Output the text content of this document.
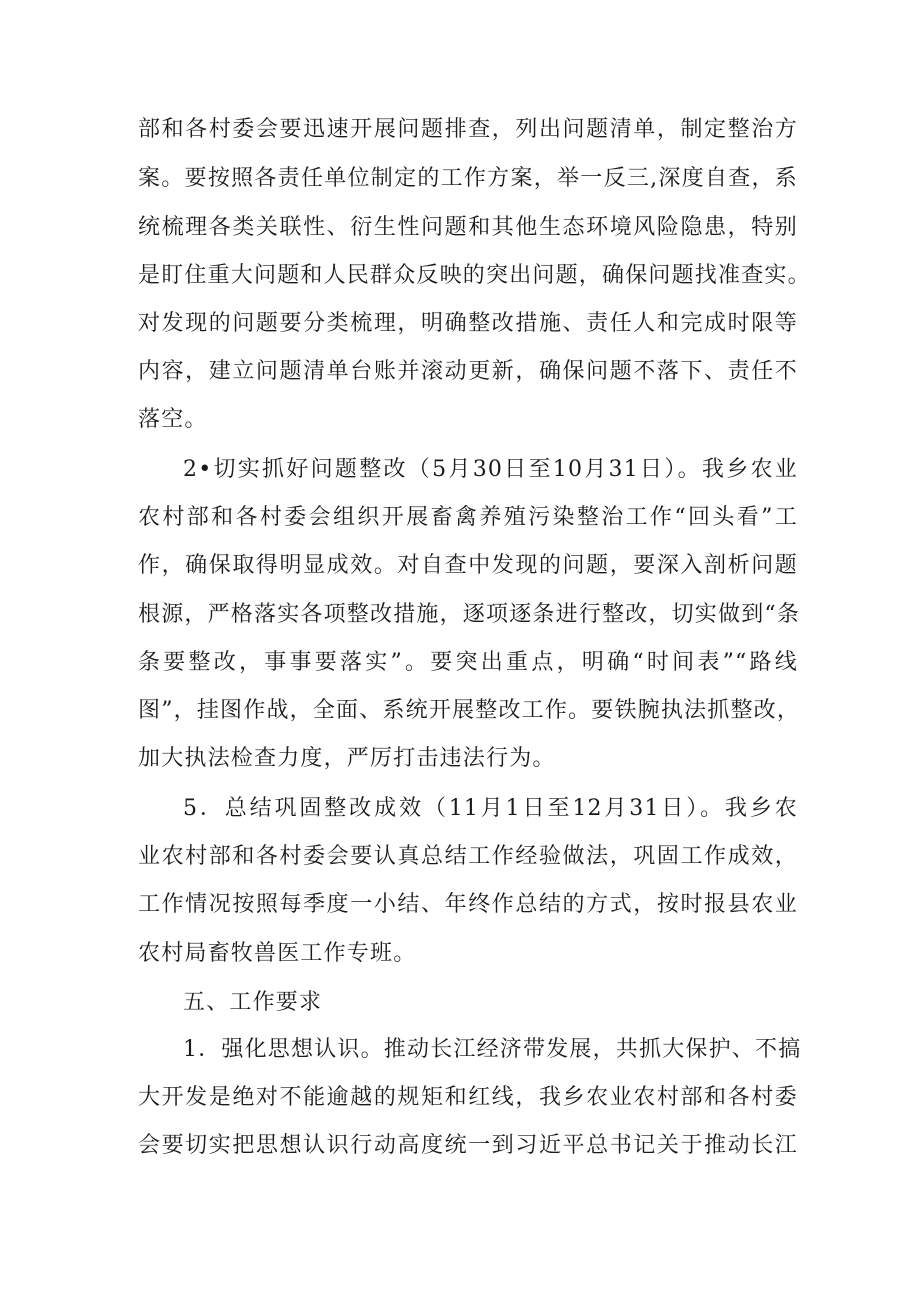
部和各村委会要迅速开展问题排查，列出问题清单，制定整治方
案。要按照各责任单位制定的工作方案，举一反三,深度自查，系
统梳理各类关联性、衍生性问题和其他生态环境风险隐患，特别
是盯住重大问题和人民群众反映的突出问题，确保问题找准查实。
对发现的问题要分类梳理，明确整改措施、责任人和完成时限等
内容，建立问题清单台账并滚动更新，确保问题不落下、责任不
落空。
2•切实抓好问题整改（5月30日至10月31日）。我乡农业
农村部和各村委会组织开展畜禽养殖污染整治工作“回头看”工
作，确保取得明显成效。对自查中发现的问题，要深入剖析问题
根源，严格落实各项整改措施，逐项逐条进行整改，切实做到“条
条要整改，事事要落实”。要突出重点，明确“时间表”“路线
图”，挂图作战，全面、系统开展整改工作。要铁腕执法抓整改，
加大执法检查力度，严厉打击违法行为。
5．总结巩固整改成效（11月1日至12月31日）。我乡农
业农村部和各村委会要认真总结工作经验做法，巩固工作成效，
工作情况按照每季度一小结、年终作总结的方式，按时报县农业
农村局畜牧兽医工作专班。
五、工作要求
1．强化思想认识。推动长江经济带发展，共抓大保护、不搞
大开发是绝对不能逾越的规矩和红线，我乡农业农村部和各村委
会要切实把思想认识行动高度统一到习近平总书记关于推动长江
